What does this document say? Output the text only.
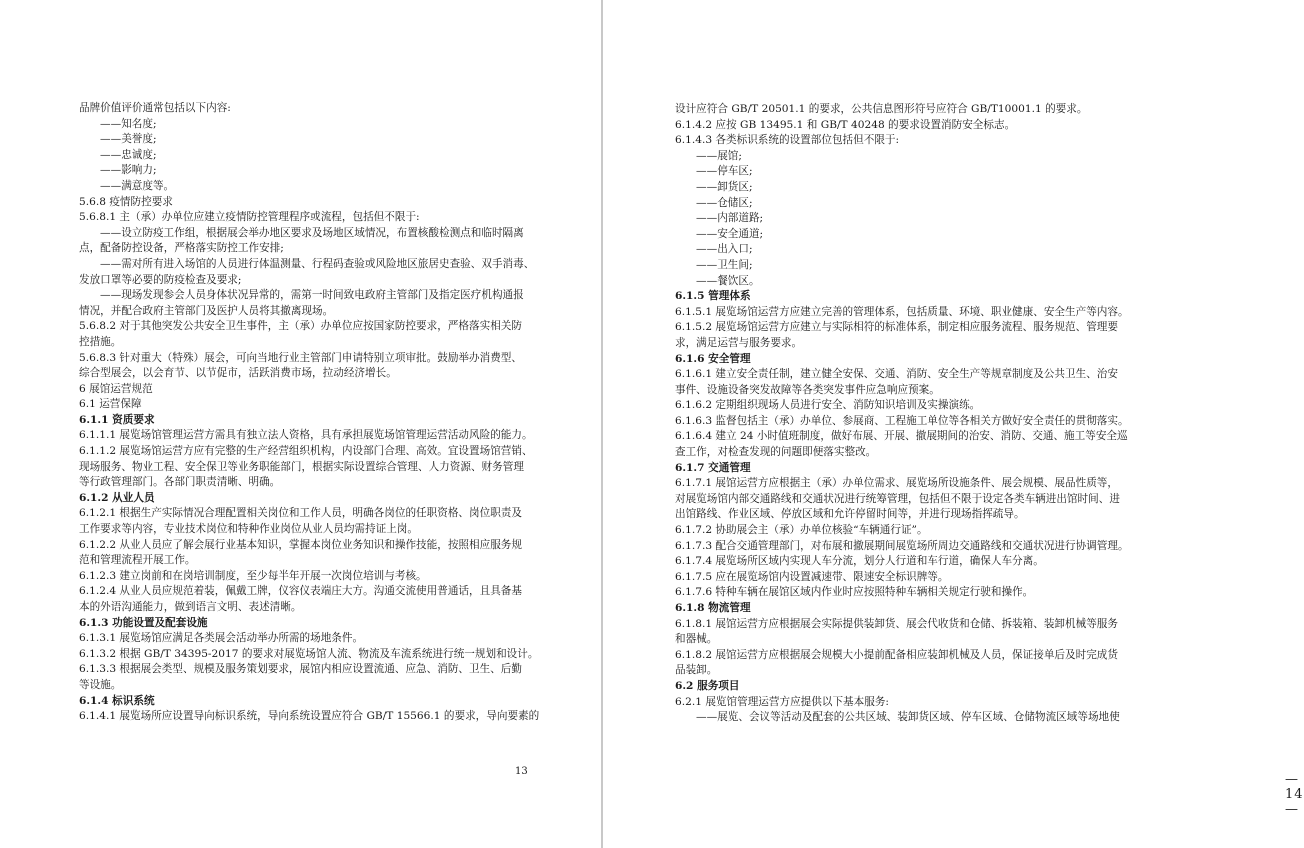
品牌价值评价通常包括以下内容:
——知名度;
——美誉度;
——忠诚度;
——影响力;
——满意度等。
5.6.8 疫情防控要求
5.6.8.1 主（承）办单位应建立疫情防控管理程序或流程，包括但不限于:
——设立防疫工作组，根据展会举办地区要求及场地区域情况，布置核酸检测点和临时隔离
点，配备防控设备，严格落实防控工作安排;
——需对所有进入场馆的人员进行体温测量、行程码查验或风险地区旅居史查验、双手消毒、
发放口罩等必要的防疫检查及要求;
——现场发现参会人员身体状况异常的，需第一时间致电政府主管部门及指定医疗机构通报
情况，并配合政府主管部门及医护人员将其撤离现场。
5.6.8.2 对于其他突发公共安全卫生事件，主（承）办单位应按国家防控要求，严格落实相关防
控措施。
5.6.8.3 针对重大（特殊）展会，可向当地行业主管部门申请特别立项审批。鼓励举办消费型、
综合型展会，以会育节、以节促市，活跃消费市场，拉动经济增长。
6 展馆运营规范
6.1 运营保障
6.1.1 资质要求
6.1.1.1 展览场馆管理运营方需具有独立法人资格，具有承担展览场馆管理运营活动风险的能力。
6.1.1.2 展览场馆运营方应有完整的生产经营组织机构，内设部门合理、高效。宜设置场馆营销、
现场服务、物业工程、安全保卫等业务职能部门，根据实际设置综合管理、人力资源、财务管理
等行政管理部门。各部门职责清晰、明确。
6.1.2 从业人员
6.1.2.1 根据生产实际情况合理配置相关岗位和工作人员，明确各岗位的任职资格、岗位职责及
工作要求等内容，专业技术岗位和特种作业岗位从业人员均需持证上岗。
6.1.2.2 从业人员应了解会展行业基本知识，掌握本岗位业务知识和操作技能，按照相应服务规
范和管理流程开展工作。
6.1.2.3 建立岗前和在岗培训制度，至少每半年开展一次岗位培训与考核。
6.1.2.4 从业人员应规范着装，佩戴工牌，仪容仪表端庄大方。沟通交流使用普通话，且具备基
本的外语沟通能力，做到语言文明、表述清晰。
6.1.3 功能设置及配套设施
6.1.3.1 展览场馆应满足各类展会活动举办所需的场地条件。
6.1.3.2 根据 GB/T 34395-2017 的要求对展览场馆人流、物流及车流系统进行统一规划和设计。
6.1.3.3 根据展会类型、规模及服务策划要求，展馆内相应设置流通、应急、消防、卫生、后勤
等设施。
6.1.4 标识系统
6.1.4.1 展览场所应设置导向标识系统，导向系统设置应符合 GB/T 15566.1 的要求，导向要素的
13
设计应符合 GB/T 20501.1 的要求，公共信息图形符号应符合 GB/T10001.1 的要求。
6.1.4.2 应按 GB 13495.1 和 GB/T 40248 的要求设置消防安全标志。
6.1.4.3 各类标识系统的设置部位包括但不限于:
——展馆;
——停车区;
——卸货区;
——仓储区;
——内部道路;
——安全通道;
——出入口;
——卫生间;
——餐饮区。
6.1.5 管理体系
6.1.5.1 展览场馆运营方应建立完善的管理体系，包括质量、环境、职业健康、安全生产等内容。
6.1.5.2 展览场馆运营方应建立与实际相符的标准体系，制定相应服务流程、服务规范、管理要
求，满足运营与服务要求。
6.1.6 安全管理
6.1.6.1 建立安全责任制，建立健全安保、交通、消防、安全生产等规章制度及公共卫生、治安
事件、设施设备突发故障等各类突发事件应急响应预案。
6.1.6.2 定期组织现场人员进行安全、消防知识培训及实操演练。
6.1.6.3 监督包括主（承）办单位、参展商、工程施工单位等各相关方做好安全责任的贯彻落实。
6.1.6.4 建立 24 小时值班制度，做好布展、开展、撤展期间的治安、消防、交通、施工等安全巡
查工作，对检查发现的问题即便落实整改。
6.1.7 交通管理
6.1.7.1 展馆运营方应根据主（承）办单位需求、展览场所设施条件、展会规模、展品性质等，
对展览场馆内部交通路线和交通状况进行统筹管理，包括但不限于设定各类车辆进出馆时间、进
出馆路线、作业区域、停放区域和允许停留时间等，并进行现场指挥疏导。
6.1.7.2 协助展会主（承）办单位核验“车辆通行证”。
6.1.7.3 配合交通管理部门，对布展和撤展期间展览场所周边交通路线和交通状况进行协调管理。
6.1.7.4 展览场所区域内实现人车分流，划分人行道和车行道，确保人车分离。
6.1.7.5 应在展览场馆内设置减速带、限速安全标识牌等。
6.1.7.6 特种车辆在展馆区域内作业时应按照特种车辆相关规定行驶和操作。
6.1.8 物流管理
6.1.8.1 展馆运营方应根据展会实际提供装卸货、展会代收货和仓储、拆装箱、装卸机械等服务
和器械。
6.1.8.2 展馆运营方应根据展会规模大小提前配备相应装卸机械及人员，保证接单后及时完成货
品装卸。
6.2 服务项目
6.2.1 展览馆管理运营方应提供以下基本服务:
——展览、会议等活动及配套的公共区域、装卸货区域、停车区域、仓储物流区域等场地使
— 14 —
